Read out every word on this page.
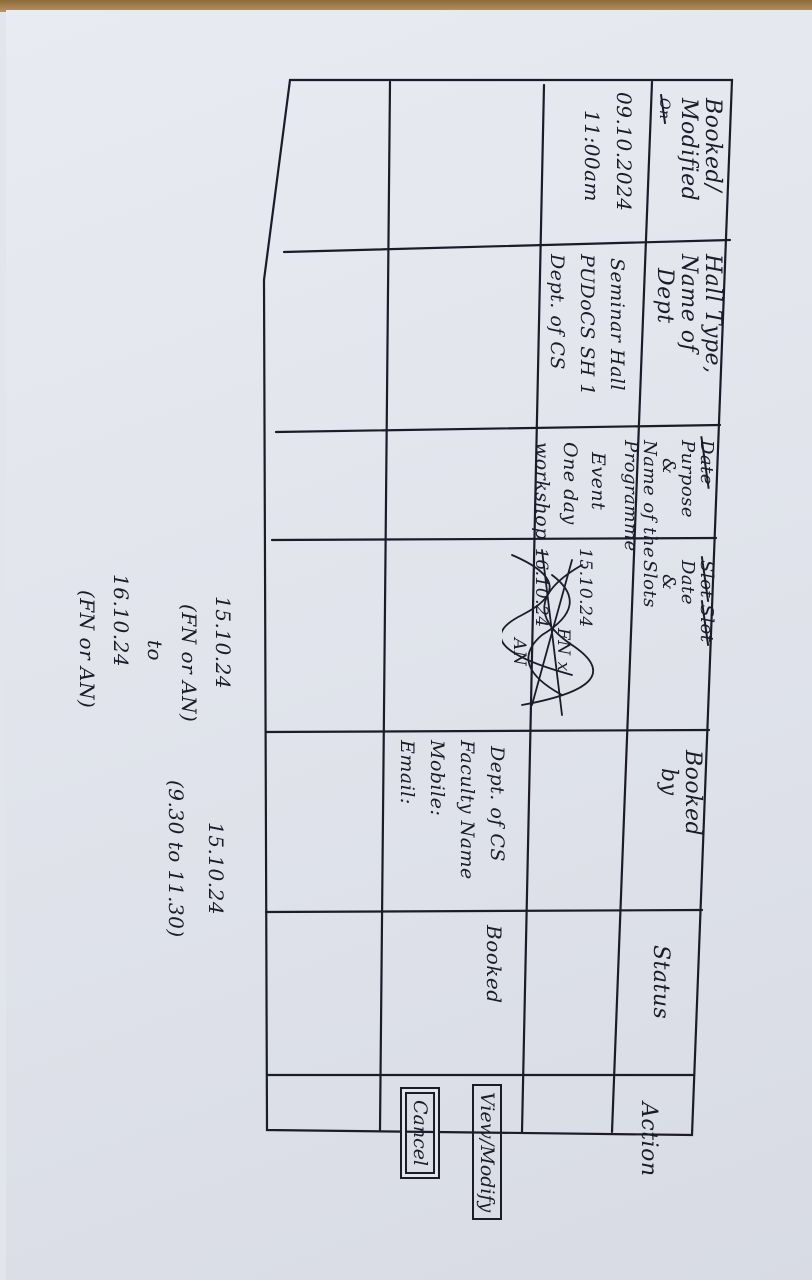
Booked/
Modified
On
Hall Type,
Name of
Dept
Date
Purpose
&
Name of the
Programme
Slot Slot
Date
&
Slots
Booked
by
Status
Action
09.10.2024
11:00am
Seminar Hall
PUDoCS SH 1
Dept. of CS
Event
One day
workshop
15.10.24
FN x
16.10.24
AN
Dept. of CS
Faculty Name
Mobile:
Email:
Booked
View/Modify
Cancel
15.10.24
(FN or AN)
to
16.10.24
(FN or AN)
15.10.24
(9.30 to 11.30)
